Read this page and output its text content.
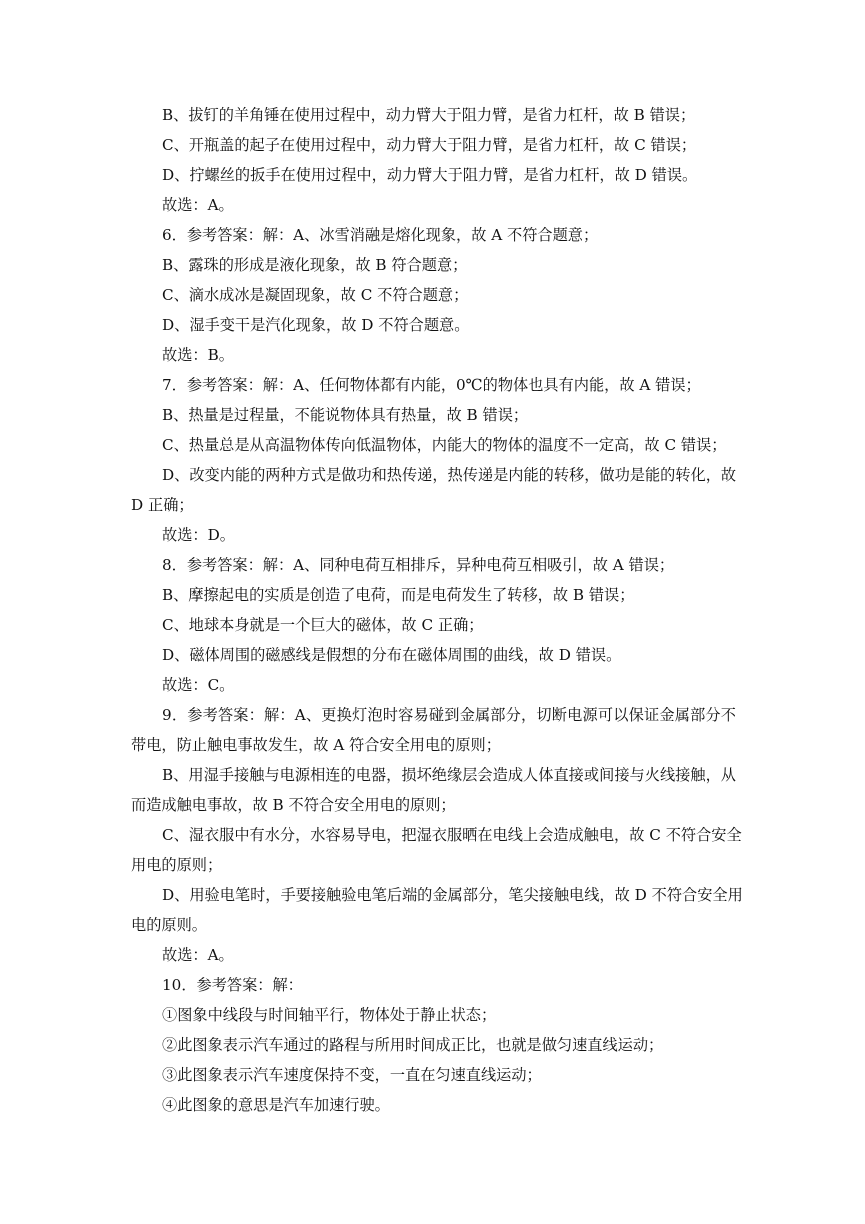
B、拔钉的羊角锤在使用过程中，动力臂大于阻力臂，是省力杠杆，故 B 错误；
C、开瓶盖的起子在使用过程中，动力臂大于阻力臂，是省力杠杆，故 C 错误；
D、拧螺丝的扳手在使用过程中，动力臂大于阻力臂，是省力杠杆，故 D 错误。
故选：A。
6．参考答案：解：A、冰雪消融是熔化现象，故 A 不符合题意；
B、露珠的形成是液化现象，故 B 符合题意；
C、滴水成冰是凝固现象，故 C 不符合题意；
D、湿手变干是汽化现象，故 D 不符合题意。
故选：B。
7．参考答案：解：A、任何物体都有内能，0℃的物体也具有内能，故 A 错误；
B、热量是过程量，不能说物体具有热量，故 B 错误；
C、热量总是从高温物体传向低温物体，内能大的物体的温度不一定高，故 C 错误；
D、改变内能的两种方式是做功和热传递，热传递是内能的转移，做功是能的转化，故
D 正确；
故选：D。
8．参考答案：解：A、同种电荷互相排斥，异种电荷互相吸引，故 A 错误；
B、摩擦起电的实质是创造了电荷，而是电荷发生了转移，故 B 错误；
C、地球本身就是一个巨大的磁体，故 C 正确；
D、磁体周围的磁感线是假想的分布在磁体周围的曲线，故 D 错误。
故选：C。
9．参考答案：解：A、更换灯泡时容易碰到金属部分，切断电源可以保证金属部分不
带电，防止触电事故发生，故 A 符合安全用电的原则；
B、用湿手接触与电源相连的电器，损坏绝缘层会造成人体直接或间接与火线接触，从
而造成触电事故，故 B 不符合安全用电的原则；
C、湿衣服中有水分，水容易导电，把湿衣服晒在电线上会造成触电，故 C 不符合安全
用电的原则；
D、用验电笔时，手要接触验电笔后端的金属部分，笔尖接触电线，故 D 不符合安全用
电的原则。
故选：A。
10．参考答案：解：
①图象中线段与时间轴平行，物体处于静止状态；
②此图象表示汽车通过的路程与所用时间成正比，也就是做匀速直线运动；
③此图象表示汽车速度保持不变，一直在匀速直线运动；
④此图象的意思是汽车加速行驶。
